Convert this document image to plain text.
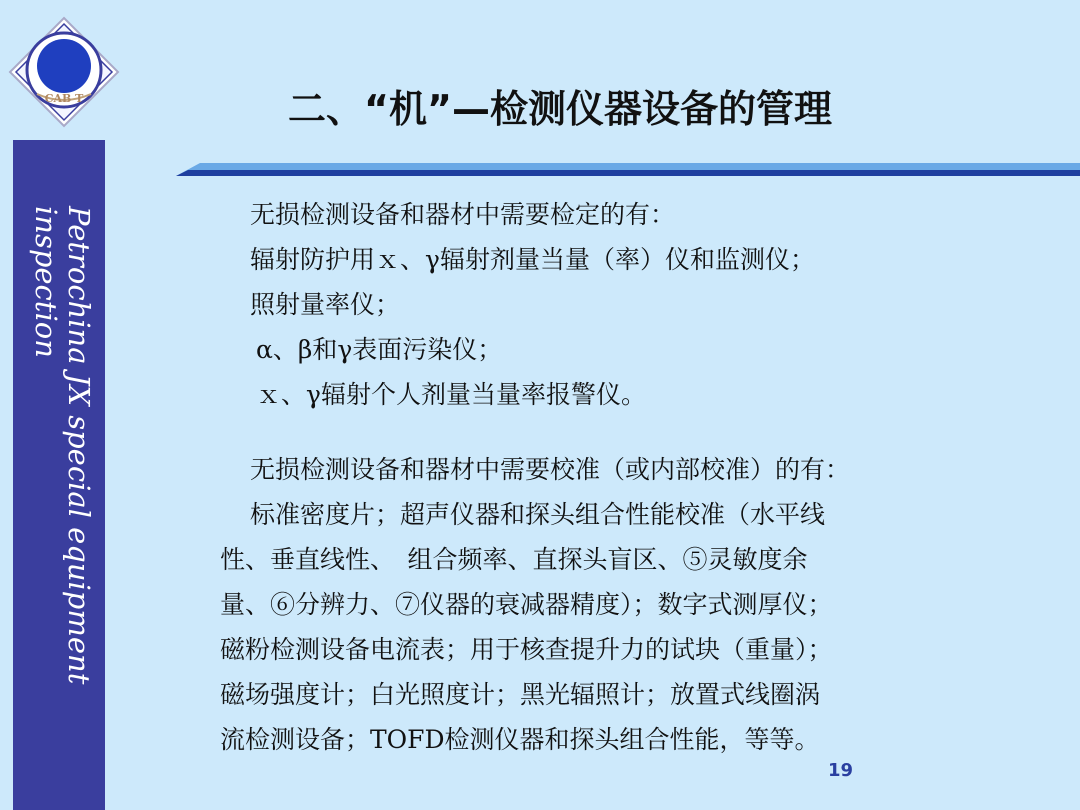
CAB T
Petrochina JX special equipment inspection
二、“机”—检测仪器设备的管理
无损检测设备和器材中需要检定的有：
辐射防护用ｘ、γ辐射剂量当量（率）仪和监测仪；
照射量率仪；
α、β和γ表面污染仪；
ｘ、γ辐射个人剂量当量率报警仪。
无损检测设备和器材中需要校准（或内部校准）的有：
标准密度片；超声仪器和探头组合性能校准（水平线
性、垂直线性、　组合频率、直探头盲区、⑤灵敏度余
量、⑥分辨力、⑦仪器的衰减器精度）；数字式测厚仪；
磁粉检测设备电流表；用于核查提升力的试块（重量）；
磁场强度计；白光照度计；黑光辐照计；放置式线圈涡
流检测设备；TOFD检测仪器和探头组合性能，等等。
19
